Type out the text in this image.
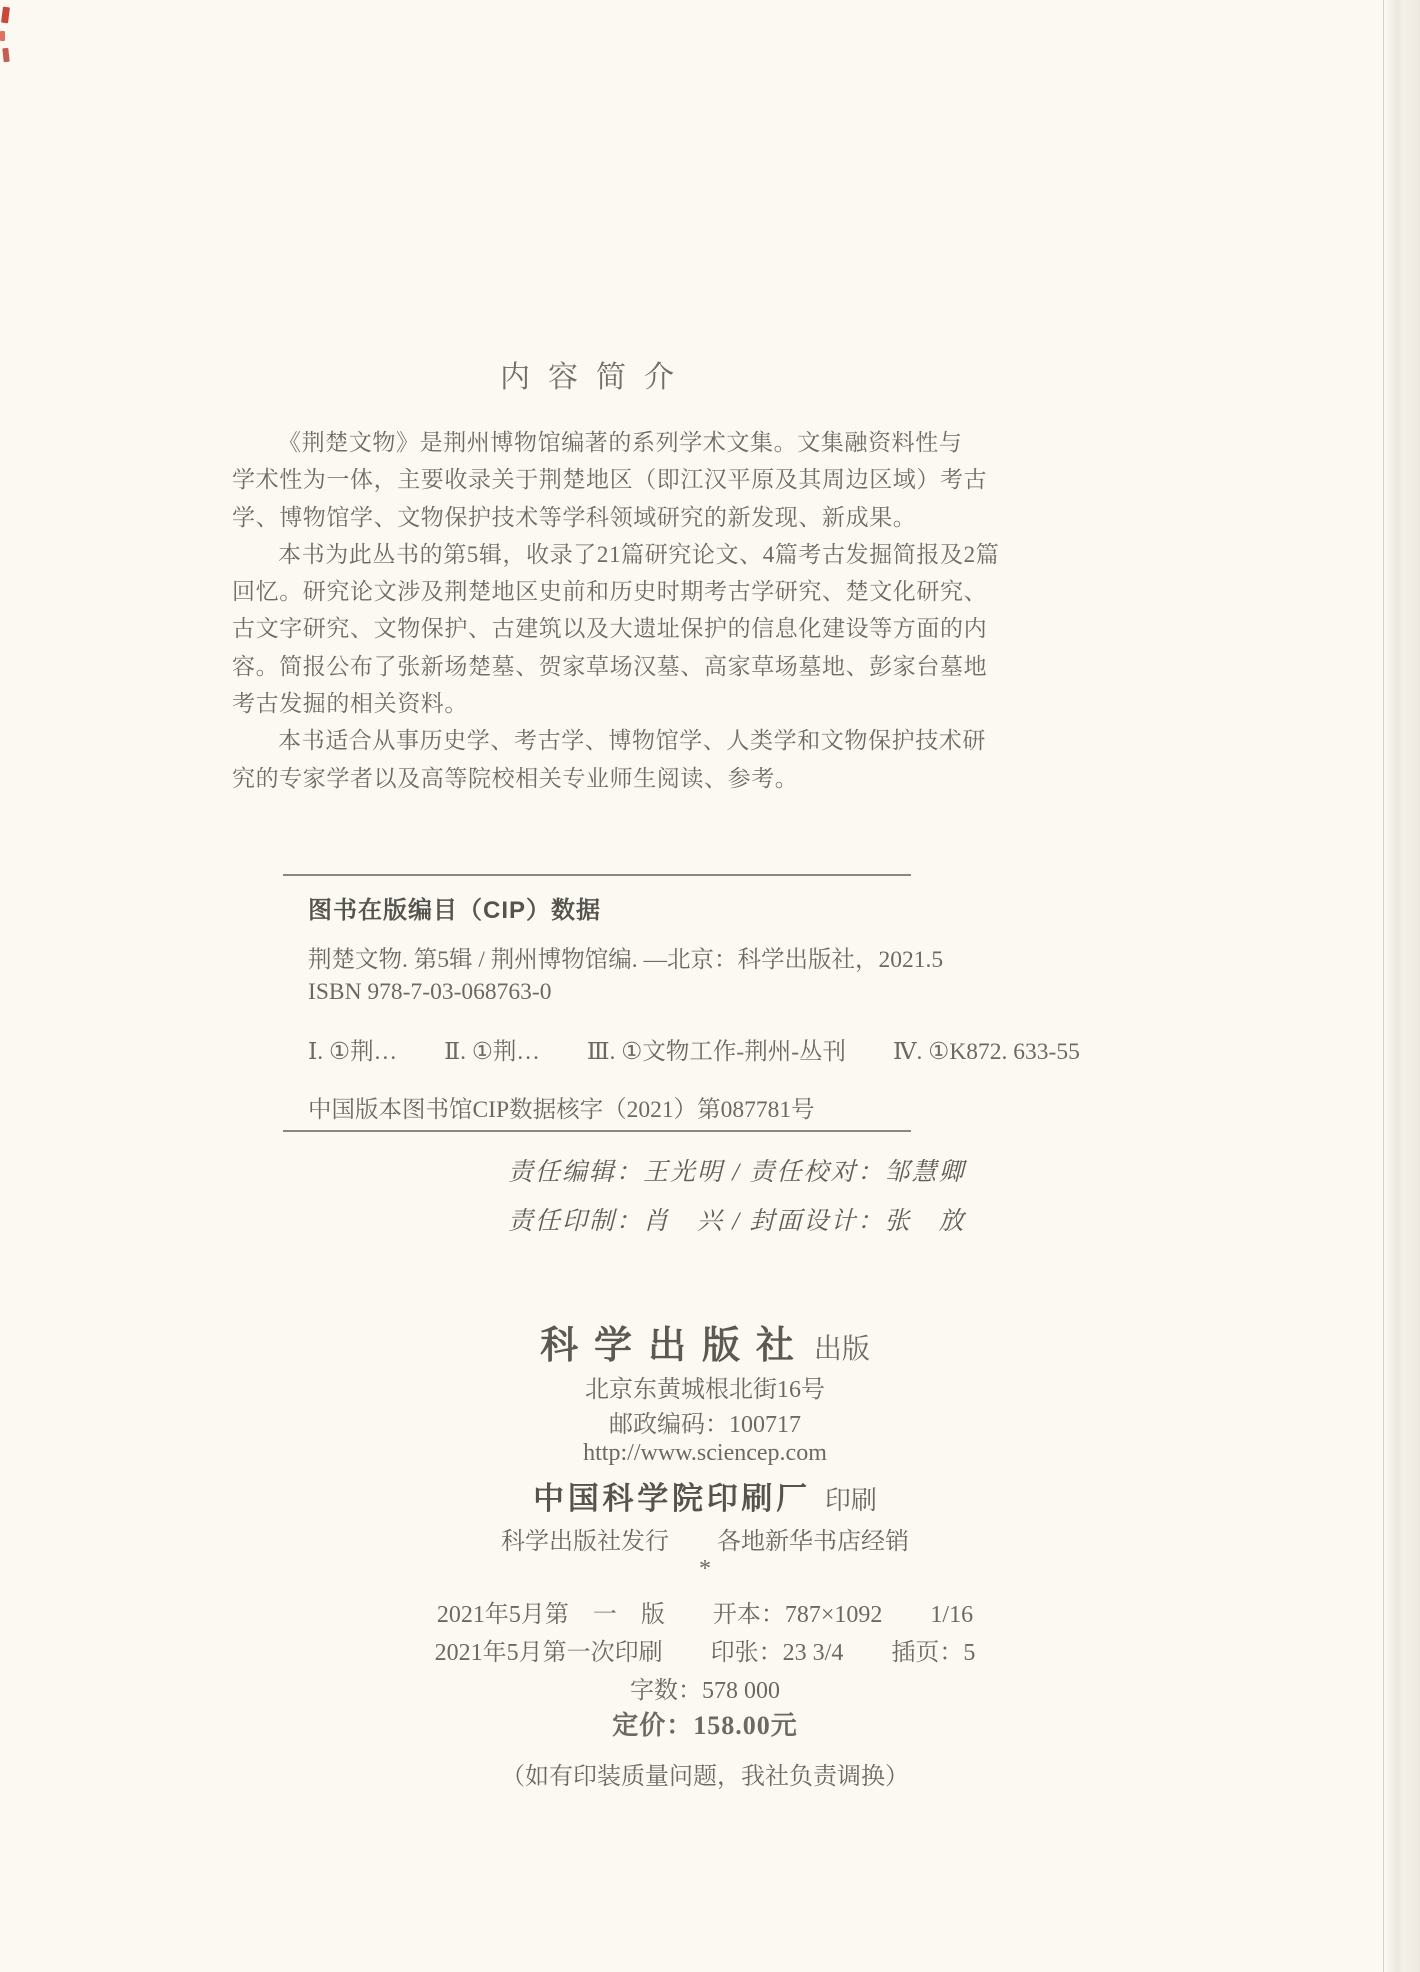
内容简介

《荆楚文物》是荆州博物馆编著的系列学术文集。文集融资料性与

学术性为一体，主要收录关于荆楚地区（即江汉平原及其周边区域）考古

学、博物馆学、文物保护技术等学科领域研究的新发现、新成果。

本书为此丛书的第5辑，收录了21篇研究论文、4篇考古发掘简报及2篇

回忆。研究论文涉及荆楚地区史前和历史时期考古学研究、楚文化研究、

古文字研究、文物保护、古建筑以及大遗址保护的信息化建设等方面的内

容。简报公布了张新场楚墓、贺家草场汉墓、高家草场墓地、彭家台墓地

考古发掘的相关资料。

本书适合从事历史学、考古学、博物馆学、人类学和文物保护技术研

究的专家学者以及高等院校相关专业师生阅读、参考。

图书在版编目（CIP）数据
荆楚文物. 第5辑 / 荆州博物馆编. —北京：科学出版社，2021.5
ISBN 978-7-03-068763-0
Ⅰ. ①荆…　　Ⅱ. ①荆…　　Ⅲ. ①文物工作-荆州-丛刊　　Ⅳ. ①K872. 633-55
中国版本图书馆CIP数据核字（2021）第087781号
责任编辑：王光明 / 责任校对：邹慧卿
责任印制：肖　兴 / 封面设计：张　放
科学出版社 出版
北京东黄城根北街16号
邮政编码：100717
http://www.sciencep.com
中国科学院印刷厂 印刷
科学出版社发行　　各地新华书店经销
*
2021年5月第　一　版　　开本：787×1092　　1/16
2021年5月第一次印刷　　印张：23 3/4　　插页：5
字数：578 000
定价：158.00元
（如有印装质量问题，我社负责调换）
